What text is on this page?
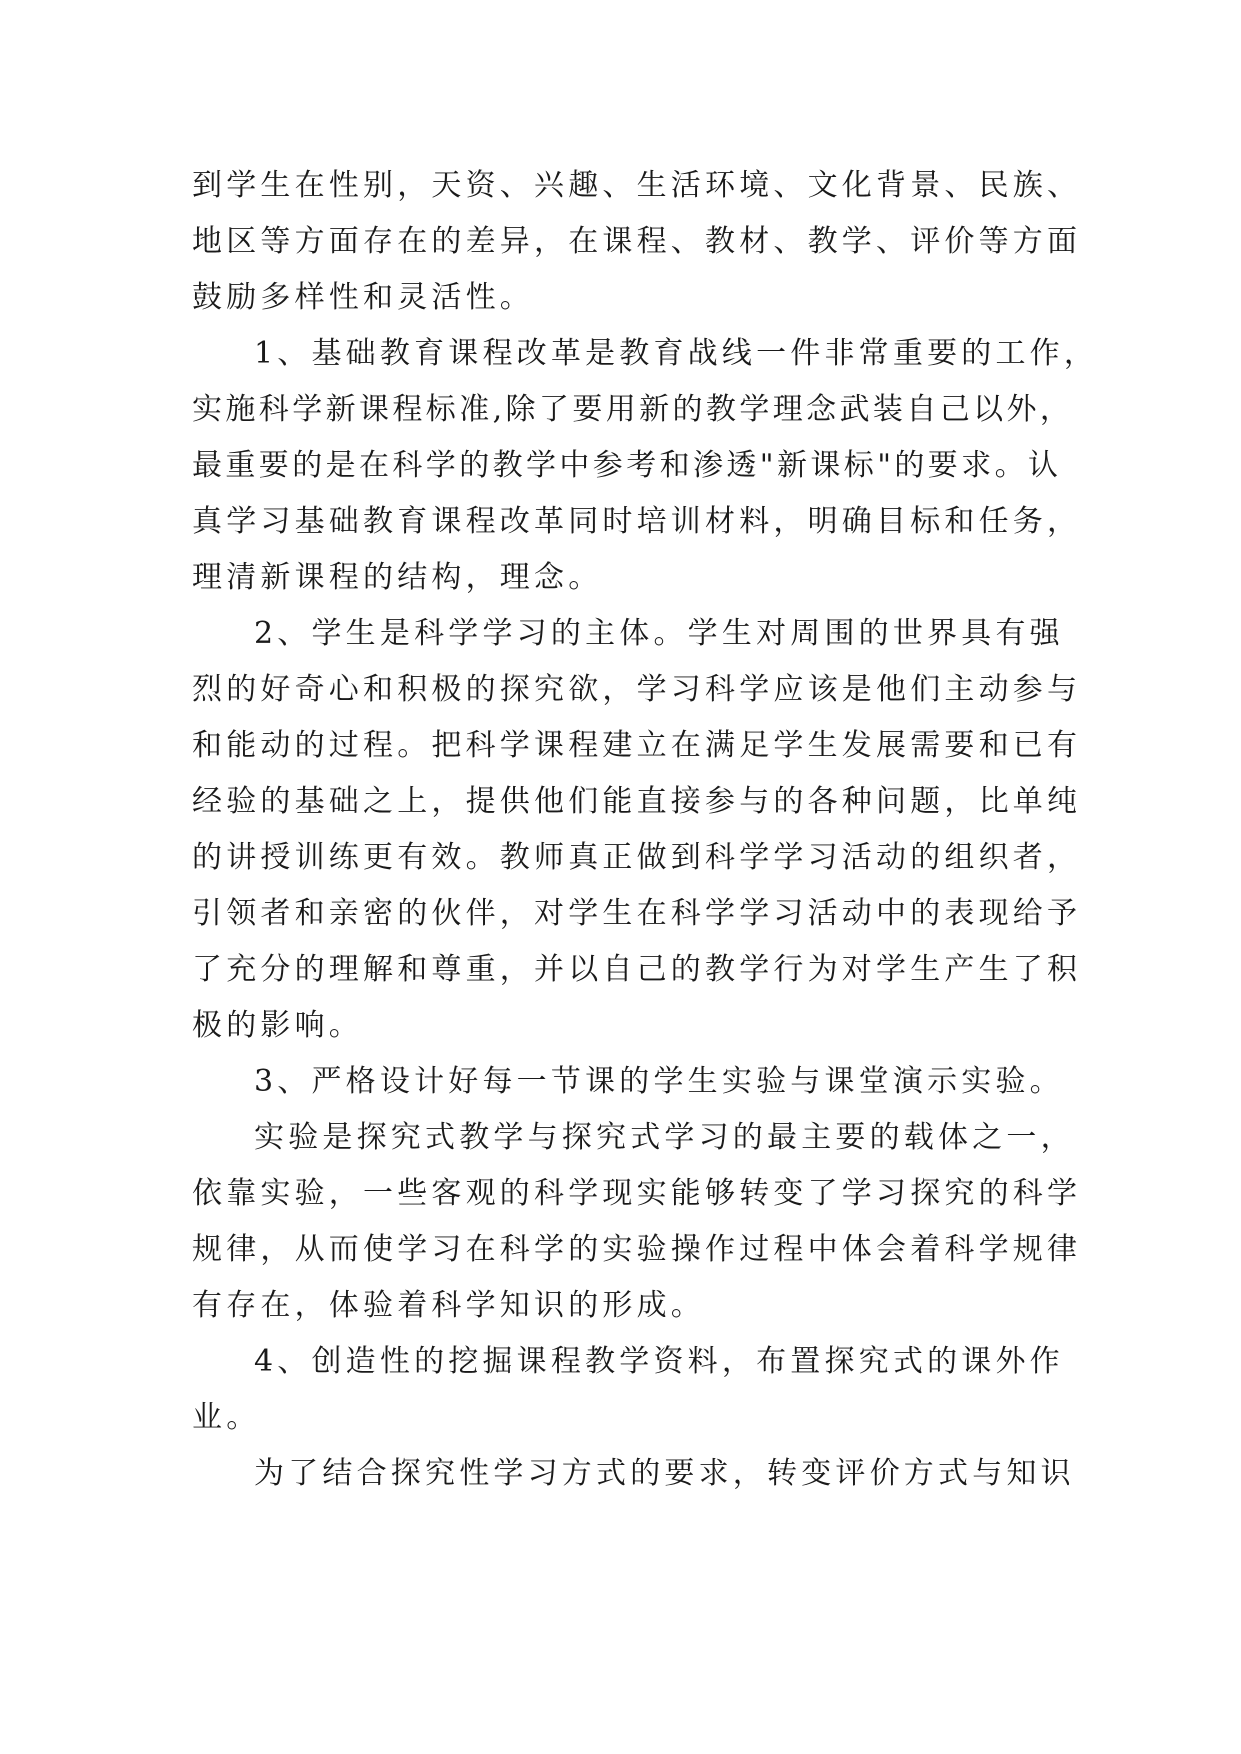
到学生在性别，天资、兴趣、生活环境、文化背景、民族、
地区等方面存在的差异，在课程、教材、教学、评价等方面
鼓励多样性和灵活性。
1、基础教育课程改革是教育战线一件非常重要的工作，
实施科学新课程标准,除了要用新的教学理念武装自己以外，
最重要的是在科学的教学中参考和渗透"新课标"的要求。认
真学习基础教育课程改革同时培训材料，明确目标和任务，
理清新课程的结构，理念。
2、学生是科学学习的主体。学生对周围的世界具有强
烈的好奇心和积极的探究欲，学习科学应该是他们主动参与
和能动的过程。把科学课程建立在满足学生发展需要和已有
经验的基础之上，提供他们能直接参与的各种问题，比单纯
的讲授训练更有效。教师真正做到科学学习活动的组织者，
引领者和亲密的伙伴，对学生在科学学习活动中的表现给予
了充分的理解和尊重，并以自己的教学行为对学生产生了积
极的影响。
3、严格设计好每一节课的学生实验与课堂演示实验。
实验是探究式教学与探究式学习的最主要的载体之一，
依靠实验，一些客观的科学现实能够转变了学习探究的科学
规律，从而使学习在科学的实验操作过程中体会着科学规律
有存在，体验着科学知识的形成。
4、创造性的挖掘课程教学资料，布置探究式的课外作
业。
为了结合探究性学习方式的要求，转变评价方式与知识
